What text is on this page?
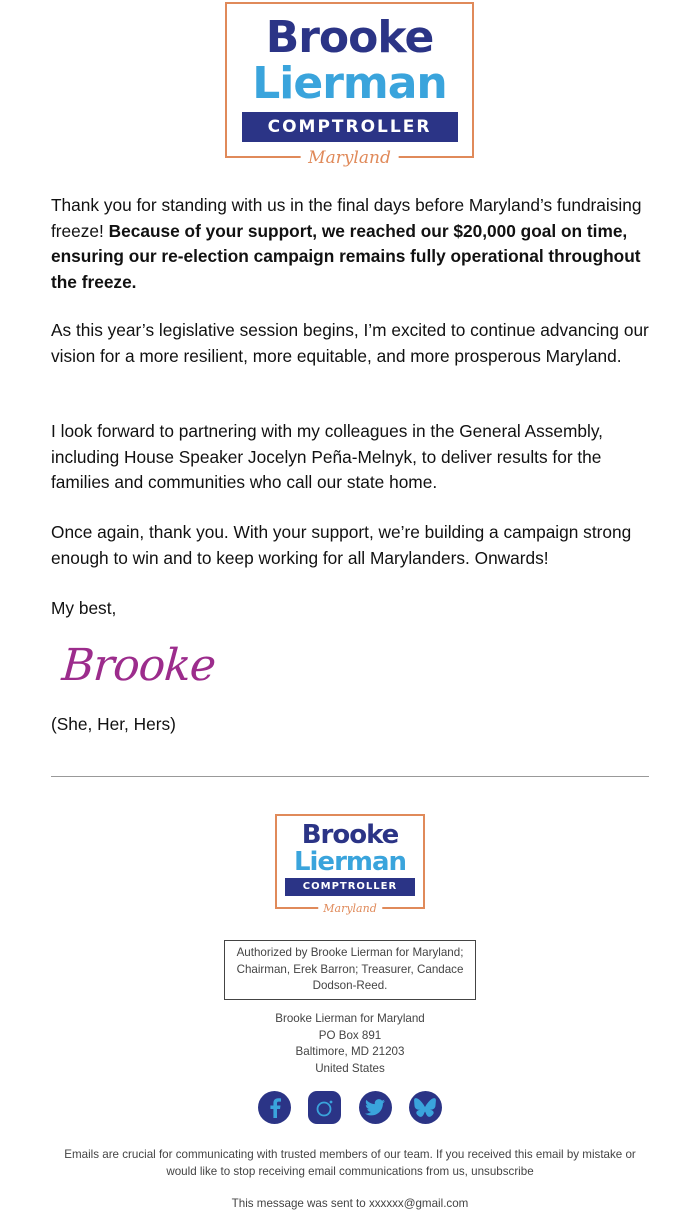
Brooke
Lierman
COMPTROLLER
Maryland
Thank you for standing with us in the final days before Maryland’s fundraising freeze! Because of your support, we reached our $20,000 goal on time, ensuring our re-election campaign remains fully operational throughout the freeze.
As this year’s legislative session begins, I’m excited to continue advancing our vision for a more resilient, more equitable, and more prosperous Maryland.
I look forward to partnering with my colleagues in the General Assembly, including House Speaker Jocelyn Peña-Melnyk, to deliver results for the families and communities who call our state home.
Once again, thank you. With your support, we’re building a campaign strong enough to win and to keep working for all Marylanders. Onwards!
My best,
Brooke
(She, Her, Hers)
Brooke
Lierman
COMPTROLLER
Maryland
Authorized by Brooke Lierman for Maryland; Chairman, Erek Barron; Treasurer, Candace Dodson-Reed.
Brooke Lierman for Maryland
PO Box 891
Baltimore, MD 21203
United States
Emails are crucial for communicating with trusted members of our team. If you received this email by mistake or would like to stop receiving email communications from us, unsubscribe
This message was sent to xxxxxx@gmail.com
